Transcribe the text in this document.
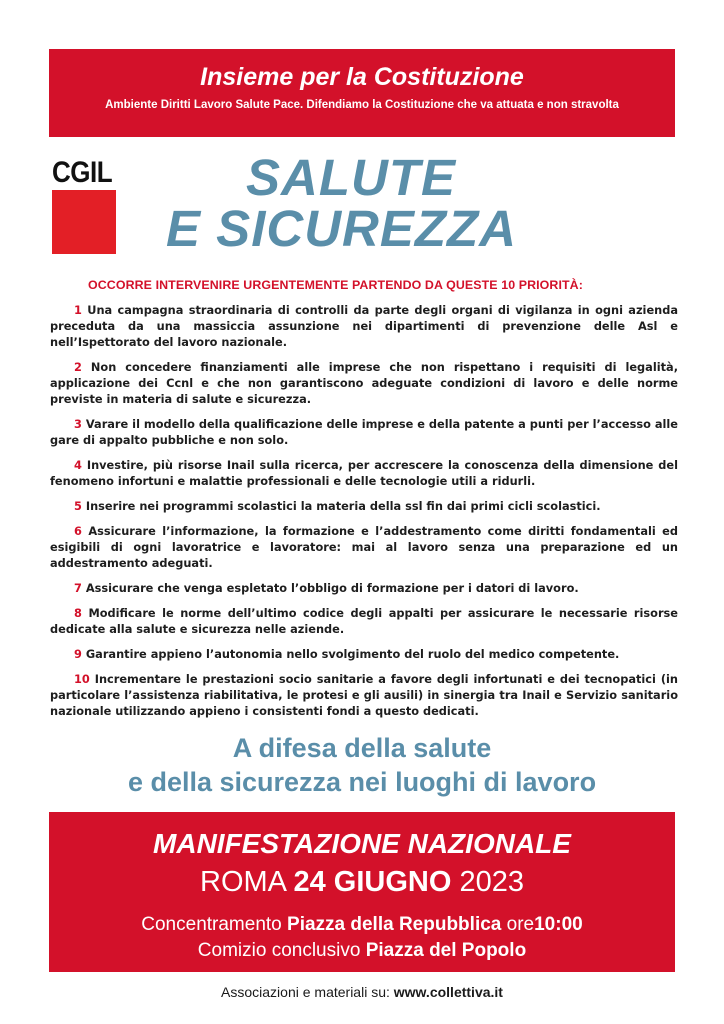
Insieme per la Costituzione
Ambiente Diritti Lavoro Salute Pace. Difendiamo la Costituzione che va attuata e non stravolta
CGIL	SALUTE
E SICUREZZA
OCCORRE INTERVENIRE URGENTEMENTE PARTENDO DA QUESTE 10 PRIORITÀ:

1 Una campagna straordinaria di controlli da parte degli organi di vigilanza in ogni azienda preceduta da una massiccia assunzione nei dipartimenti di prevenzione delle Asl e nell’Ispettorato del lavoro nazionale.

2 Non concedere finanziamenti alle imprese che non rispettano i requisiti di legalità, applicazione dei Ccnl e che non garantiscono adeguate condizioni di lavoro e delle norme previste in materia di salute e sicurezza.

3 Varare il modello della qualificazione delle imprese e della patente a punti per l’accesso alle gare di appalto pubbliche e non solo.

4 Investire, più risorse Inail sulla ricerca, per accrescere la conoscenza della dimensione del fenomeno infortuni e malattie professionali e delle tecnologie utili a ridurli.

5 Inserire nei programmi scolastici la materia della ssl fin dai primi cicli scolastici.

6 Assicurare l’informazione, la formazione e l’addestramento come diritti fondamentali ed esigibili di ogni lavoratrice e lavoratore: mai al lavoro senza una preparazione ed un addestramento adeguati.

7 Assicurare che venga espletato l’obbligo di formazione per i datori di lavoro.

8 Modificare le norme dell’ultimo codice degli appalti per assicurare le necessarie risorse dedicate alla salute e sicurezza nelle aziende.

9 Garantire appieno l’autonomia nello svolgimento del ruolo del medico competente.

10 Incrementare le prestazioni socio sanitarie a favore degli infortunati e dei tecnopatici (in particolare l’assistenza riabilitativa, le protesi e gli ausili) in sinergia tra Inail e Servizio sanitario nazionale utilizzando appieno i consistenti fondi a questo dedicati.

A difesa della salute
e della sicurezza nei luoghi di lavoro
MANIFESTAZIONE NAZIONALE
ROMA 24 GIUGNO 2023
Concentramento Piazza della Repubblica ore10:00
Comizio conclusivo Piazza del Popolo
Associazioni e materiali su: www.collettiva.it
